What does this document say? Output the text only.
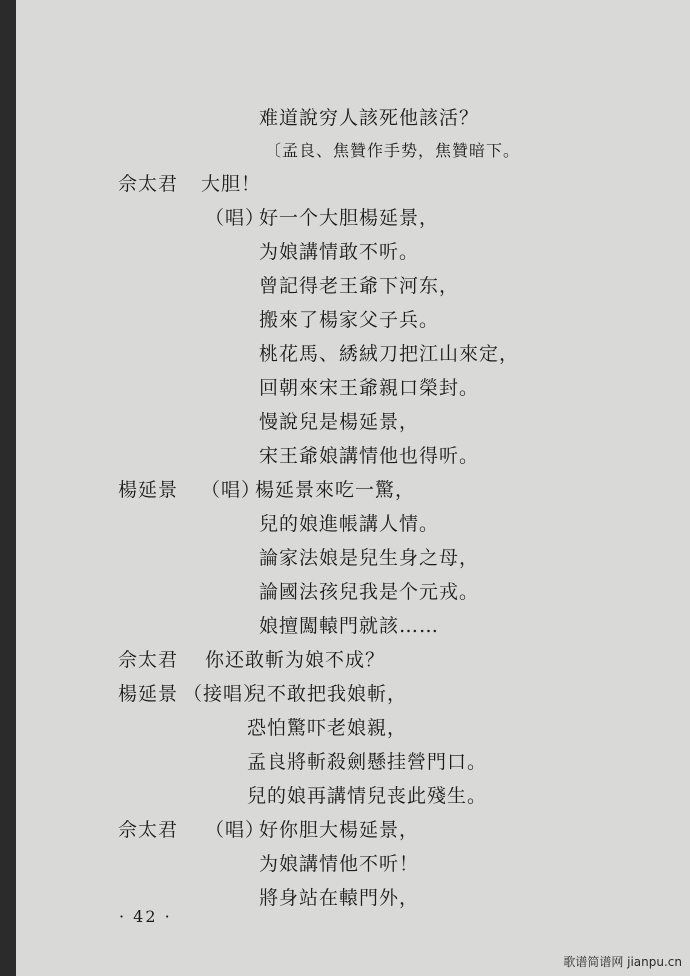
难道說穷人該死他該活？
〔孟良、焦贊作手势，焦贊暗下。
佘太君 大胆！
（唱）
好一个大胆楊延景，
为娘講情敢不听。
曾記得老王爺下河东，
搬來了楊家父子兵。
桃花馬、綉絨刀把江山來定，
回朝來宋王爺親口榮封。
慢說兒是楊延景，
宋王爺娘講情他也得听。
楊延景 （唱）
楊延景來吃一驚，
兒的娘進帳講人情。
論家法娘是兒生身之母，
論國法孩兒我是个元戎。
娘擅闖轅門就該……
佘太君 你还敢斬为娘不成？
楊延景 （接唱）
兒不敢把我娘斬，
恐怕驚吓老娘親，
孟良將斬殺劍懸挂營門口。
兒的娘再講情兒丧此殘生。
佘太君 （唱）
好你胆大楊延景，
为娘講情他不听！
將身站在轅門外，
· 42 ·
歌谱简谱网 jianpu.cn
